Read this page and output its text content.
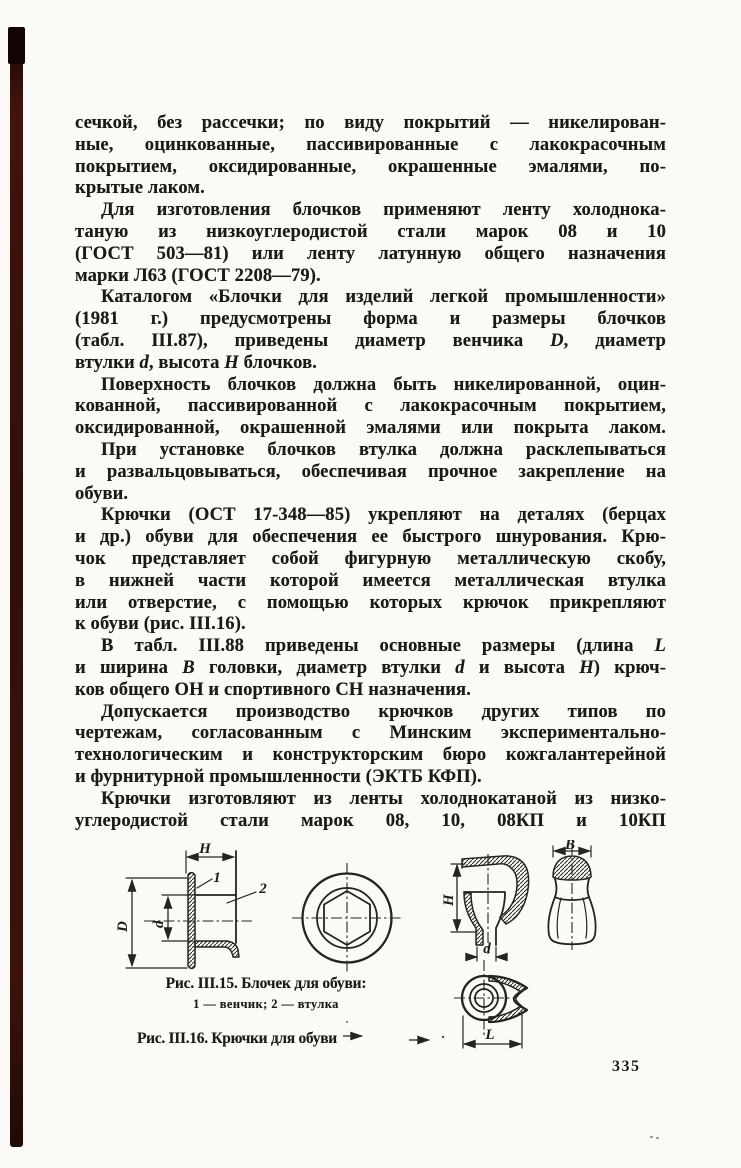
сечкой, без рассечки; по виду покрытий — никелирован-
ные, оцинкованные, пассивированные с лакокрасочным
покрытием, оксидированные, окрашенные эмалями, по-
крытые лаком.
Для изготовления блочков применяют ленту холоднока-
таную из низкоуглеродистой стали марок 08 и 10
(ГОСТ 503—81) или ленту латунную общего назначения
марки Л63 (ГОСТ 2208—79).
Каталогом «Блочки для изделий легкой промышленности»
(1981 г.) предусмотрены форма и размеры блочков
(табл. III.87), приведены диаметр венчика D, диаметр
втулки d, высота H блочков.
Поверхность блочков должна быть никелированной, оцин-
кованной, пассивированной с лакокрасочным покрытием,
оксидированной, окрашенной эмалями или покрыта лаком.
При установке блочков втулка должна расклепываться
и развальцовываться, обеспечивая прочное закрепление на
обуви.
Крючки (ОСТ 17-348—85) укрепляют на деталях (берцах
и др.) обуви для обеспечения ее быстрого шнурования. Крю-
чок представляет собой фигурную металлическую скобу,
в нижней части которой имеется металлическая втулка
или отверстие, с помощью которых крючок прикрепляют
к обуви (рис. III.16).
В табл. III.88 приведены основные размеры (длина L
и ширина B головки, диаметр втулки d и высота H) крюч-
ков общего ОН и спортивного СН назначения.
Допускается производство крючков других типов по
чертежам, согласованным с Минским экспериментально-
технологическим и конструкторским бюро кожгалантерейной
и фурнитурной промышленности (ЭКТБ КФП).
Крючки изготовляют из ленты холоднокатаной из низко-
углеродистой стали марок 08, 10, 08КП и 10КП
H
D d
1
2
H
d
B
L
Рис. III.15. Блочек для обуви:
1 — венчик; 2 — втулка
Рис. III.16. Крючки для обуви
335
